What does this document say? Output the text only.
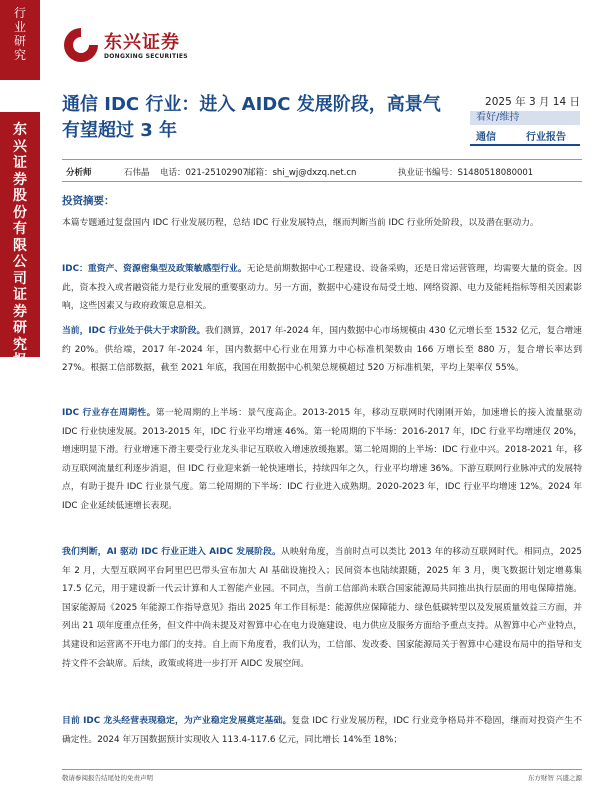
行
业
研
究
东
兴
证
券
股
份
有
限
公
司
证
券
研
究
报
告
东兴证券
DONGXING SECURITIES
通信 IDC 行业：进入 AIDC 发展阶段，高景气有望超过 3 年
2025 年 3 月 14 日
看好/维持
通信	行业报告
分析师	石伟晶 电话：021-25102907
邮箱：shi_wj@dxzq.net.cn	执业证书编号：S1480518080001
投资摘要：
本篇专题通过复盘国内 IDC 行业发展历程，总结 IDC 行业发展特点，继而判断当前 IDC 行业所处阶段，以及潜在驱动力。
IDC：重资产、资源密集型及政策敏感型行业。无论是前期数据中心工程建设、设备采购，还是日常运营管理，均需要大量的资金。因此，资本投入或者融资能力是行业发展的重要驱动力。另一方面，数据中心建设布局受土地、网络资源、电力及能耗指标等相关因素影响，这些因素又与政府政策息息相关。
当前，IDC 行业处于供大于求阶段。我们测算，2017 年-2024 年，国内数据中心市场规模由 430 亿元增长至 1532 亿元，复合增速约 20%。供给端，2017 年-2024 年，国内数据中心行业在用算力中心标准机架数由 166 万增长至 880 万，复合增长率达到 27%。根据工信部数据，截至 2021 年底，我国在用数据中心机架总规模超过 520 万标准机架，平均上架率仅 55%。
IDC 行业存在周期性。第一轮周期的上半场：景气度高企。2013-2015 年，移动互联网时代刚刚开始，加速增长的接入流量驱动 IDC 行业快速发展。2013-2015 年，IDC 行业平均增速 46%。第一轮周期的下半场：2016-2017 年，IDC 行业平均增速仅 20%，增速明显下滑。行业增速下滑主要受行业龙头非记互联收入增速放缓拖累。第二轮周期的上半场：IDC 行业中兴。2018-2021 年，移动互联网流量红利逐步消退，但 IDC 行业迎来新一轮快速增长，持续四年之久，行业平均增速 36%。下游互联网行业脉冲式的发展特点，有助于提升 IDC 行业景气度。第二轮周期的下半场：IDC 行业进入成熟期。2020-2023 年，IDC 行业平均增速 12%。2024 年 IDC 企业延续低速增长表现。
我们判断，AI 驱动 IDC 行业正进入 AIDC 发展阶段。从映射角度，当前时点可以类比 2013 年的移动互联网时代。相同点，2025 年 2 月，大型互联网平台阿里巴巴带头宣布加大 AI 基础设施投入；民间资本也陆续跟随，2025 年 3 月，奥飞数据计划定增募集 17.5 亿元，用于建设新一代云计算和人工智能产业园。不同点，当前工信部尚未联合国家能源局共同推出执行层面的用电保障措施。国家能源局《2025 年能源工作指导意见》指出 2025 年工作目标是：能源供应保障能力、绿色低碳转型以及发展质量效益三方面，并列出 21 项年度重点任务，但文件中尚未提及对智算中心在电力设施建设、电力供应及服务方面给予重点支持。从智算中心产业特点，其建设和运营离不开电力部门的支持。自上而下角度看，我们认为，工信部、发改委、国家能源局关于智算中心建设布局中的指导和支持文件不会缺席。后续，政策或将进一步打开 AIDC 发展空间。
目前 IDC 龙头经营表现稳定，为产业稳定发展奠定基础。复盘 IDC 行业发展历程，IDC 行业竞争格局并不稳固，继而对投资产生不确定性。2024 年万国数据预计实现收入 113.4-117.6 亿元，同比增长 14%至 18%；
敬请参阅报告结尾处的免责声明	东方财智 兴盛之源
